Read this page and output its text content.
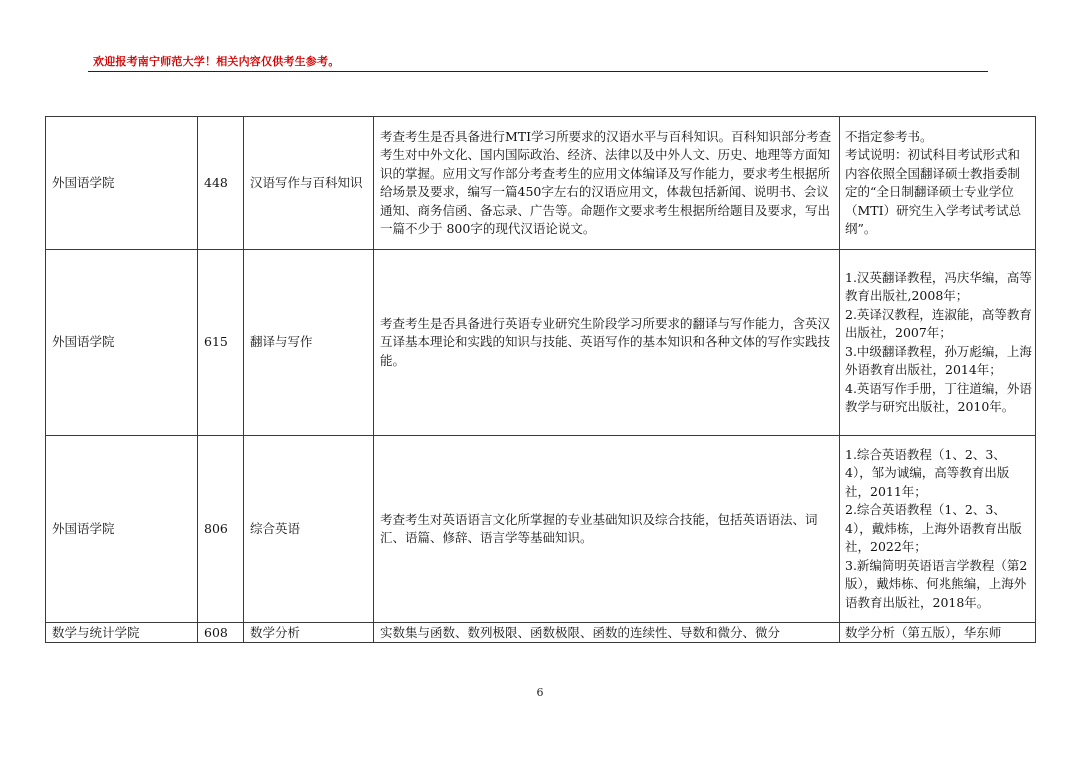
欢迎报考南宁师范大学！相关内容仅供考生参考。
外国语学院	448	汉语写作与百科知识	考查考生是否具备进行MTI学习所要求的汉语水平与百科知识。百科知识部分考查考生对中外文化、国内国际政治、经济、法律以及中外人文、历史、地理等方面知识的掌握。应用文写作部分考查考生的应用文体编译及写作能力，要求考生根据所给场景及要求，编写一篇450字左右的汉语应用文，体裁包括新闻、说明书、会议通知、商务信函、备忘录、广告等。命题作文要求考生根据所给题目及要求，写出一篇不少于 800字的现代汉语论说文。	不指定参考书。
考试说明：初试科目考试形式和内容依照全国翻译硕士教指委制定的“全日制翻译硕士专业学位（MTI）研究生入学考试考试总纲”。

外国语学院	615	翻译与写作	考查考生是否具备进行英语专业研究生阶段学习所要求的翻译与写作能力，含英汉互译基本理论和实践的知识与技能、英语写作的基本知识和各种文体的写作实践技能。	1.汉英翻译教程，冯庆华编，高等教育出版社,2008年；
2.英译汉教程，连淑能，高等教育出版社，2007年；
3.中级翻译教程，孙万彪编，上海外语教育出版社，2014年；
4.英语写作手册，丁往道编，外语教学与研究出版社，2010年。

外国语学院	806	综合英语	考查考生对英语语言文化所掌握的专业基础知识及综合技能，包括英语语法、词汇、语篇、修辞、语言学等基础知识。	1.综合英语教程（1、2、3、4），邹为诚编，高等教育出版社，2011年；
2.综合英语教程（1、2、3、4），戴炜栋，上海外语教育出版社，2022年；
3.新编简明英语语言学教程（第2版），戴炜栋、何兆熊编，上海外语教育出版社，2018年。

数学与统计学院	608	数学分析	实数集与函数、数列极限、函数极限、函数的连续性、导数和微分、微分	数学分析（第五版），华东师
6
